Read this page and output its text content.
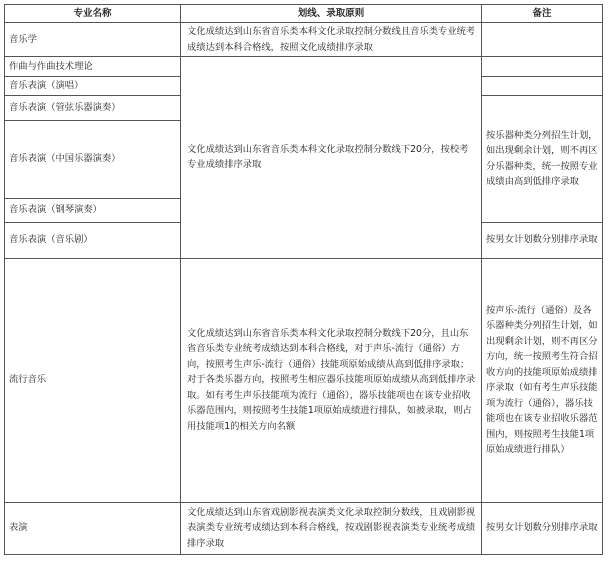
专业名称	划线、录取原则	备注
音乐学	文化成绩达到山东省音乐类本科文化录取控制分数线且音乐类专业统考成绩达到本科合格线，按照文化成绩排序录取	
作曲与作曲技术理论	文化成绩达到山东省音乐类本科文化录取控制分数线下20分，按校考专业成绩排序录取	
音乐表演（演唱）		
音乐表演（管弦乐器演奏）		按乐器种类分列招生计划，如出现剩余计划，则不再区分乐器种类，统一按照专业成绩由高到低排序录取
音乐表演（中国乐器演奏）		
音乐表演（钢琴演奏）		
音乐表演（音乐剧）		按男女计划数分别排序录取
流行音乐	文化成绩达到山东省音乐类本科文化录取控制分数线下20分，且山东省音乐类专业统考成绩达到本科合格线，对于声乐-流行（通俗）方向，按照考生声乐-流行（通俗）技能项原始成绩从高到低排序录取；对于各类乐器方向，按照考生相应器乐技能项原始成绩从高到低排序录取。如有考生声乐技能项为流行（通俗），器乐技能项也在该专业招收乐器范围内，则按照考生技能1项原始成绩进行排队，如被录取，则占用技能项1的相关方向名额	按声乐-流行（通俗）及各乐器种类分列招生计划，如出现剩余计划，则不再区分方向，统一按照考生符合招收方向的技能项原始成绩排序录取（如有考生声乐技能项为流行（通俗），器乐技能项也在该专业招收乐器范围内，则按照考生技能1项原始成绩进行排队）
表演	文化成绩达到山东省戏剧影视表演类文化录取控制分数线，且戏剧影视表演类专业统考成绩达到本科合格线，按戏剧影视表演类专业统考成绩排序录取	按男女计划数分别排序录取
